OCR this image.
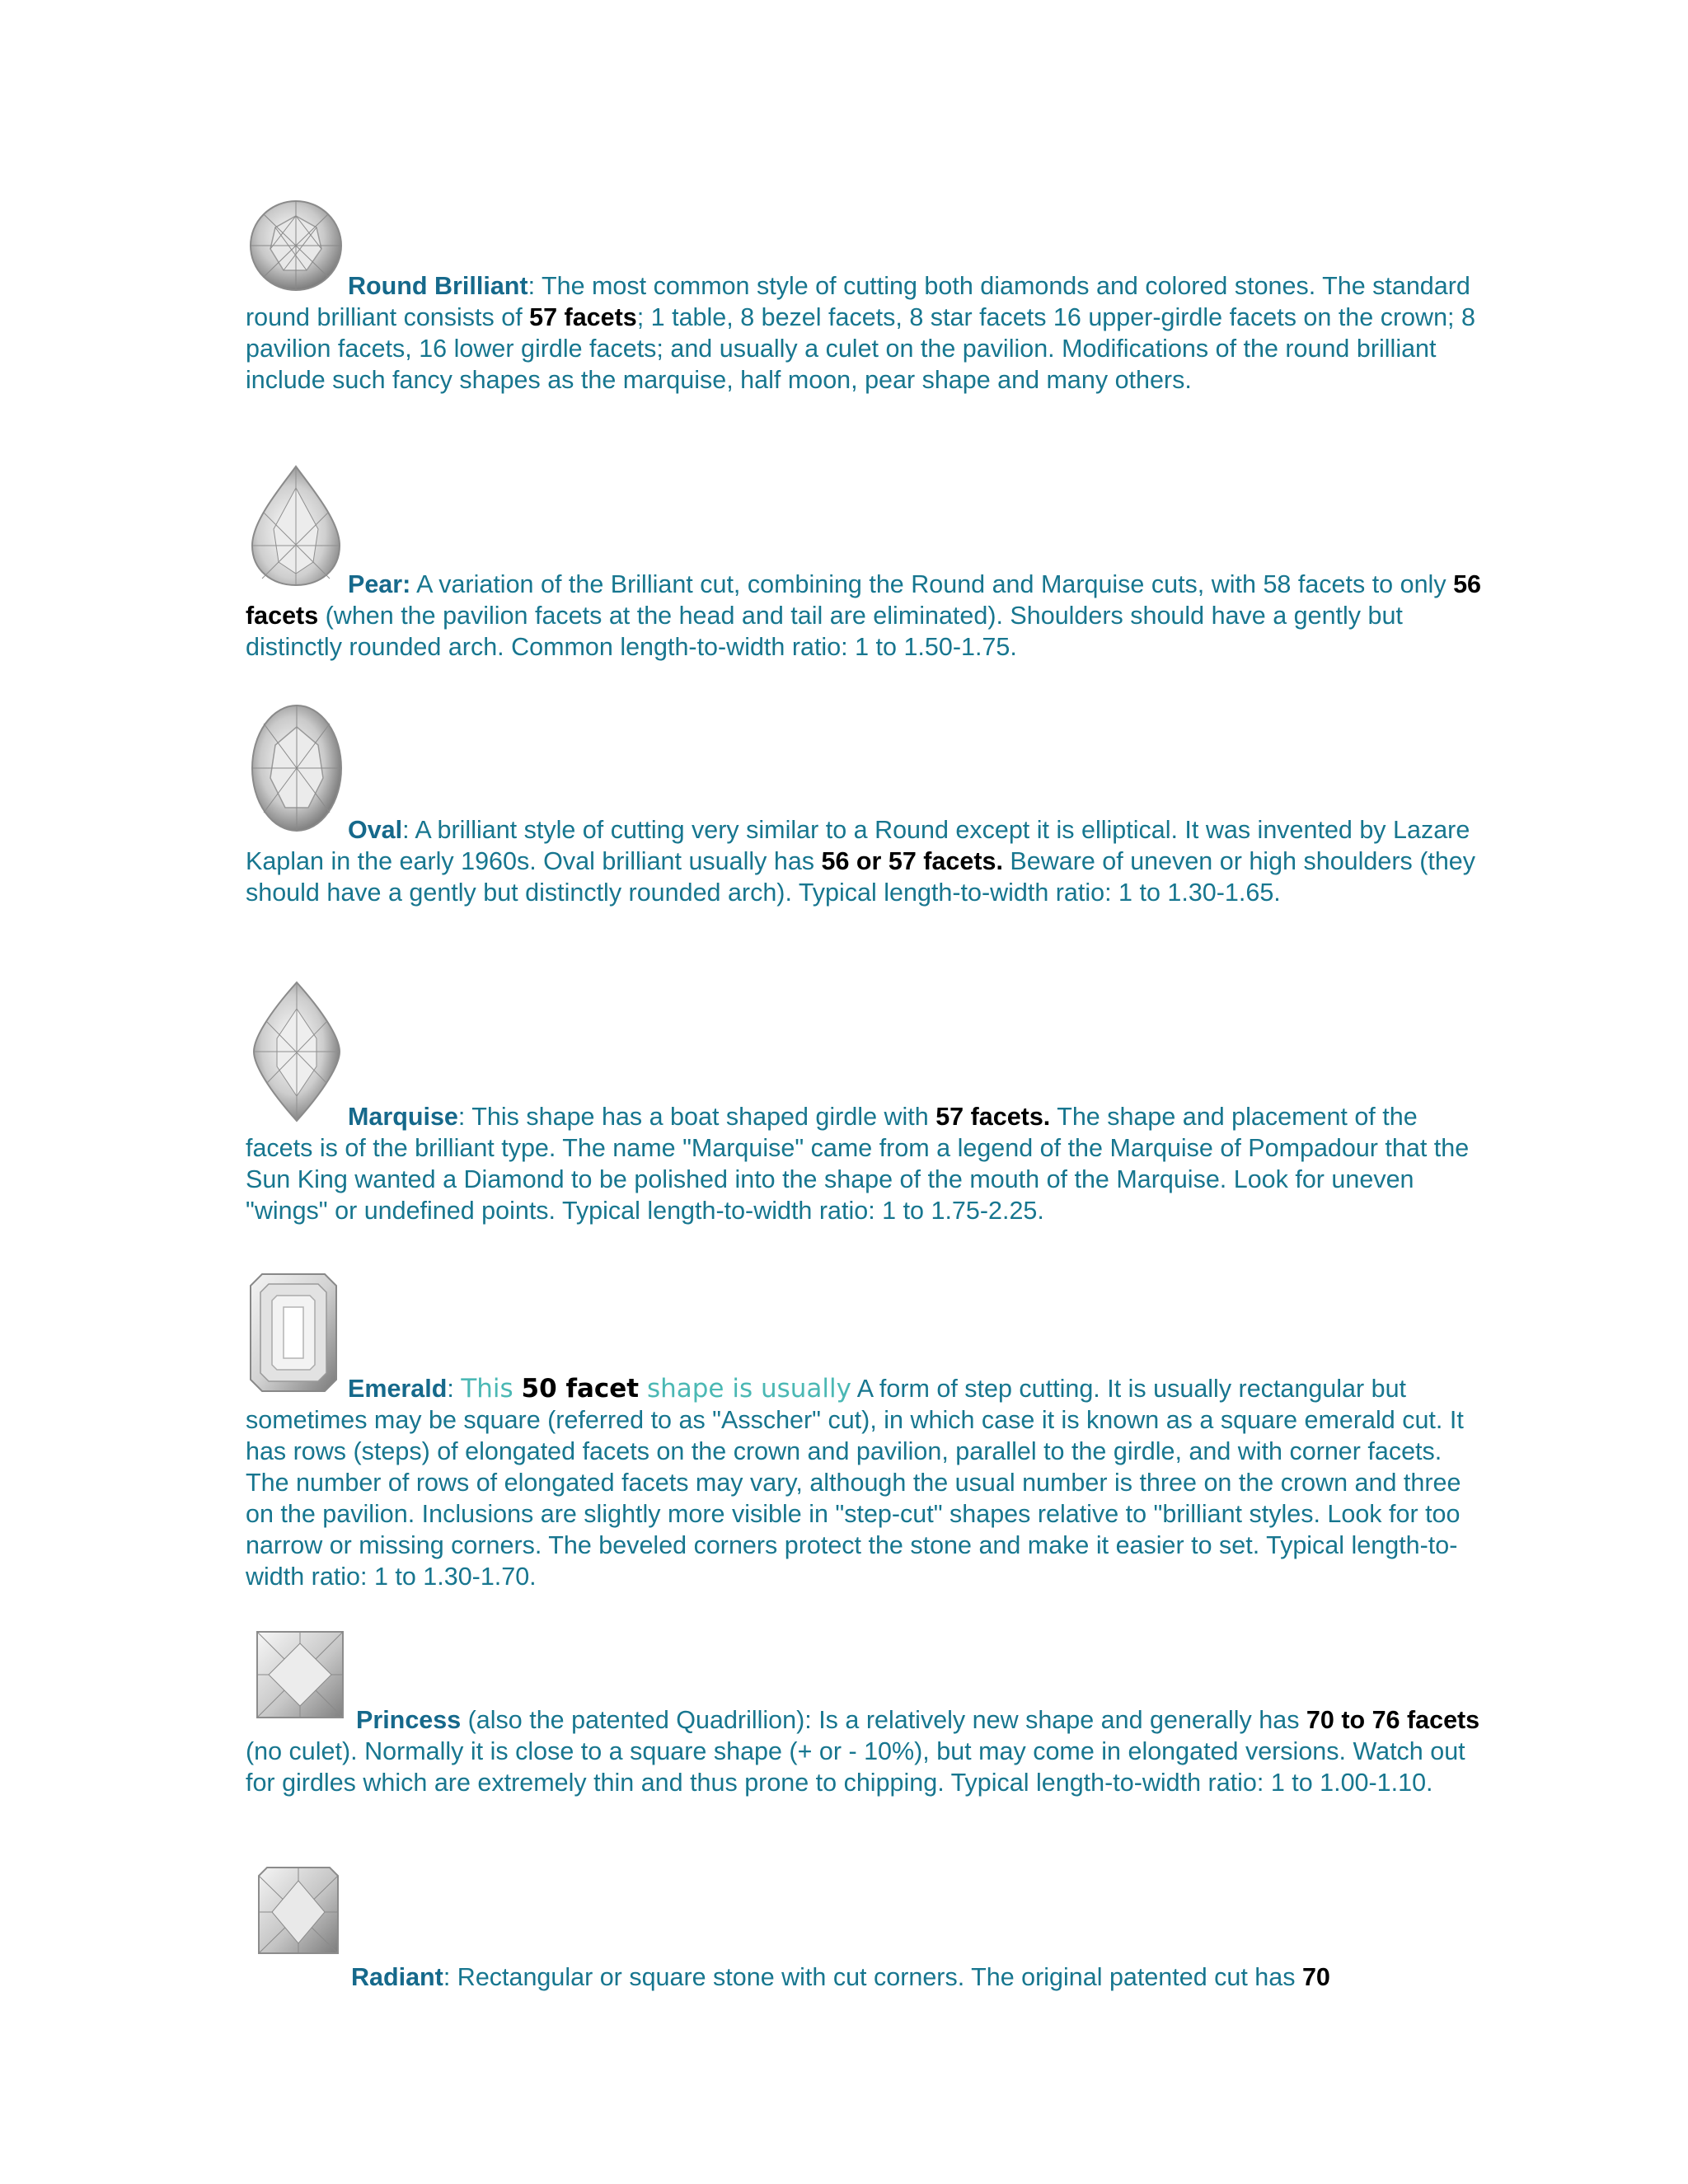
Round Brilliant: The most common style of cutting both diamonds and colored stones. The standard round brilliant consists of 57 facets; 1 table, 8 bezel facets, 8 star facets 16 upper-girdle facets on the crown; 8 pavilion facets, 16 lower girdle facets; and usually a culet on the pavilion. Modifications of the round brilliant include such fancy shapes as the marquise, half moon, pear shape and many others.

Pear: A variation of the Brilliant cut, combining the Round and Marquise cuts, with 58 facets to only 56 facets (when the pavilion facets at the head and tail are eliminated). Shoulders should have a gently but distinctly rounded arch. Common length-to-width ratio: 1 to 1.50-1.75.

Oval: A brilliant style of cutting very similar to a Round except it is elliptical. It was invented by Lazare Kaplan in the early 1960s. Oval brilliant usually has 56 or 57 facets. Beware of uneven or high shoulders (they should have a gently but distinctly rounded arch). Typical length-to-width ratio: 1 to 1.30-1.65.

Marquise: This shape has a boat shaped girdle with 57 facets. The shape and placement of the facets is of the brilliant type. The name "Marquise" came from a legend of the Marquise of Pompadour that the Sun King wanted a Diamond to be polished into the shape of the mouth of the Marquise. Look for uneven "wings" or undefined points. Typical length-to-width ratio: 1 to 1.75-2.25.

Emerald: This 50 facet shape is usually A form of step cutting. It is usually rectangular but sometimes may be square (referred to as "Asscher" cut), in which case it is known as a square emerald cut. It has rows (steps) of elongated facets on the crown and pavilion, parallel to the girdle, and with corner facets. The number of rows of elongated facets may vary, although the usual number is three on the crown and three on the pavilion. Inclusions are slightly more visible in "step-cut" shapes relative to "brilliant styles. Look for too narrow or missing corners. The beveled corners protect the stone and make it easier to set. Typical length-to-width ratio: 1 to 1.30-1.70.

Princess (also the patented Quadrillion): Is a relatively new shape and generally has 70 to 76 facets (no culet). Normally it is close to a square shape (+ or - 10%), but may come in elongated versions. Watch out for girdles which are extremely thin and thus prone to chipping. Typical length-to-width ratio: 1 to 1.00-1.10.

Radiant: Rectangular or square stone with cut corners. The original patented cut has 70
